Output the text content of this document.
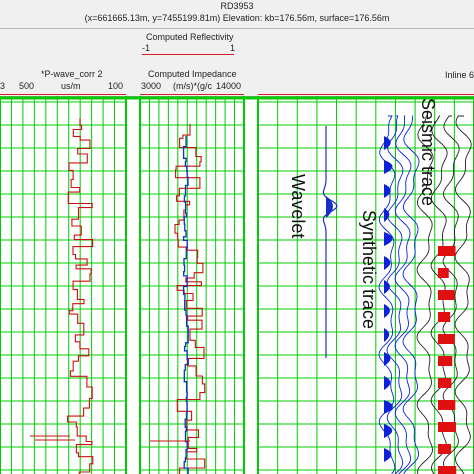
RD3953
(x=661665.13m, y=7455199.81m) Elevation: kb=176.56m, surface=176.56m
Computed Reflectivity
-1	1
*P-wave_corr 2
3 500	us/m	100
Computed Impedance
3000 (m/s)*(g/c 14000
Inline 6
Wavelet
Synthetic trace
Seismic trace
